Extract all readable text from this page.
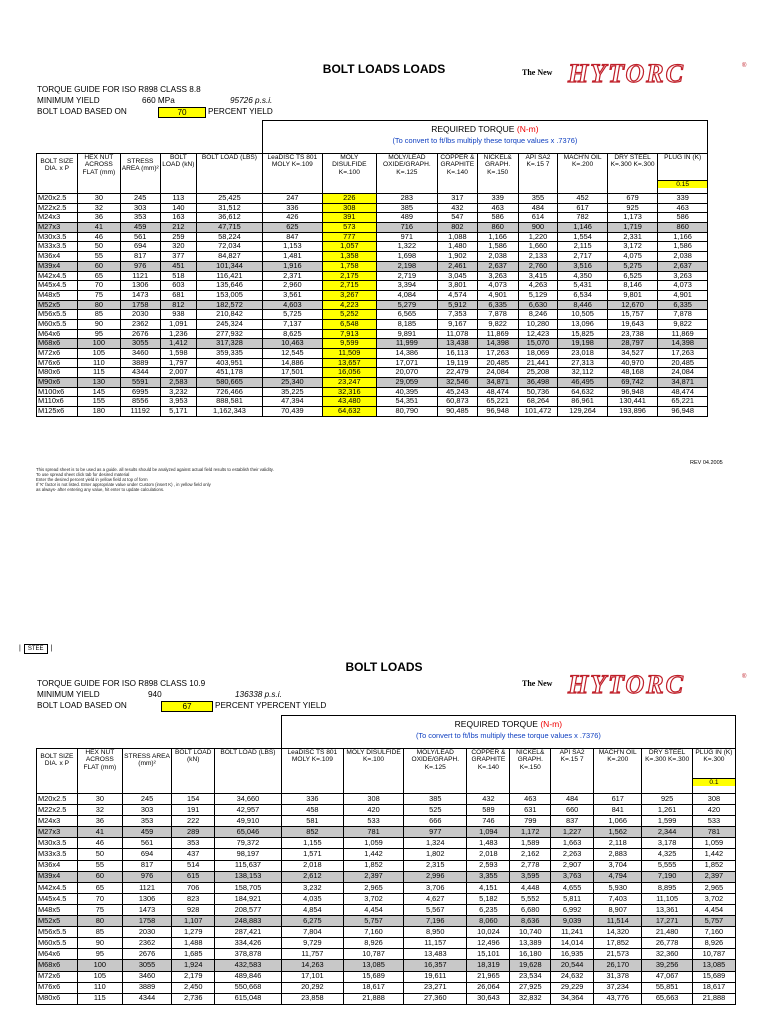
BOLT LOADS LOADS	The New HYTORC	®
TORQUE GUIDE FOR ISO R898 CLASS 8.8
MINIMUM YIELD	660 MPa	95726 p.s.i.
BOLT LOAD BASED ON	70	PERCENT YIELD
					REQUIRED TORQUE (N-m)
(To convert to ft/lbs multiply these torque values x .7376)								
BOLT SIZE DIA. x P	HEX NUT ACROSS FLAT (mm)	STRESS AREA (mm)²	BOLT LOAD (kN)	BOLT LOAD (LBS)	LeaDISC TS 801 MOLY K=.109	MOLY DISULFIDE K=.100	MOLY/LEAD OXIDE/GRAPH. K=.125	COPPER & GRAPHITE K=.140	NICKEL& GRAPH. K=.150	API SA2 K=.15 7	MACH'N OIL K=.200	DRY STEEL K=.300 K=.300	PLUG IN (K)
0.15

M20x2.5	30	245	113	25,425	247	226	283	317	339	355	452	679	339
M22x2.5	32	303	140	31,512	336	308	385	432	463	484	617	925	463
M24x3	36	353	163	36,612	426	391	489	547	586	614	782	1,173	586
M27x3	41	459	212	47,715	625	573	716	802	860	900	1,146	1,719	860
M30x3.5	46	561	259	58,224	847	777	971	1,088	1,166	1,220	1,554	2,331	1,166
M33x3.5	50	694	320	72,034	1,153	1,057	1,322	1,480	1,586	1,660	2,115	3,172	1,586
M36x4	55	817	377	84,827	1,481	1,358	1,698	1,902	2,038	2,133	2,717	4,075	2,038
M39x4	60	976	451	101,344	1,916	1,758	2,198	2,461	2,637	2,760	3,516	5,275	2,637
M42x4.5	65	1121	518	116,421	2,371	2,175	2,719	3,045	3,263	3,415	4,350	6,525	3,263
M45x4.5	70	1306	603	135,646	2,960	2,715	3,394	3,801	4,073	4,263	5,431	8,146	4,073
M48x5	75	1473	681	153,005	3,561	3,267	4,084	4,574	4,901	5,129	6,534	9,801	4,901
M52x5	80	1758	812	182,572	4,603	4,223	5,279	5,912	6,335	6,630	8,446	12,670	6,335
M56x5.5	85	2030	938	210,842	5,725	5,252	6,565	7,353	7,878	8,246	10,505	15,757	7,878
M60x5.5	90	2362	1,091	245,324	7,137	6,548	8,185	9,167	9,822	10,280	13,096	19,643	9,822
M64x6	95	2676	1,236	277,932	8,625	7,913	9,891	11,078	11,869	12,423	15,825	23,738	11,869
M68x6	100	3055	1,412	317,328	10,463	9,599	11,999	13,438	14,398	15,070	19,198	28,797	14,398
M72x6	105	3460	1,598	359,335	12,545	11,509	14,386	16,113	17,263	18,069	23,018	34,527	17,263
M76x6	110	3889	1,797	403,951	14,886	13,657	17,071	19,119	20,485	21,441	27,313	40,970	20,485
M80x6	115	4344	2,007	451,178	17,501	16,056	20,070	22,479	24,084	25,208	32,112	48,168	24,084
M90x6	130	5591	2,583	580,665	25,340	23,247	29,059	32,546	34,871	36,498	46,495	69,742	34,871
M100x6	145	6995	3,232	726,466	35,225	32,316	40,395	45,243	48,474	50,736	64,632	96,948	48,474
M110x6	155	8556	3,953	888,581	47,394	43,480	54,351	60,873	65,221	68,264	86,961	130,441	65,221
M125x6	180	11192	5,171	1,162,343	70,439	64,632	80,790	90,485	96,948	101,472	129,264	193,896	96,948
REV 04.2005
This spread sheet is to be used as a guide. all results should be analyzed against actual field results to establish their validity.
To use spread sheet click tab for desired material
Enter the desired percent yield in yellow field at top of form
If 'K' factor is not listed. Enter appropriate value under Custom (insert K) , in yellow field only
as always- after entering any value, hit enter to update calculations.
| STEE |
BOLT LOADS
The New HYTORC	®
TORQUE GUIDE FOR ISO R898 CLASS 10.9
MINIMUM YIELD	940	136338 p.s.i.
BOLT LOAD BASED ON	67	PERCENT YPERCENT YIELD
					REQUIRED TORQUE (N-m)
(To convert to ft/lbs multiply these torque values x .7376)								
BOLT SIZE DIA. x P	HEX NUT ACROSS FLAT (mm)	STRESS AREA (mm)²	BOLT LOAD (kN)	BOLT LOAD (LBS)	LeaDISC TS 801 MOLY K=.109	MOLY DISULFIDE K=.100	MOLY/LEAD OXIDE/GRAPH. K=.125	COPPER & GRAPHITE K=.140	NICKEL& GRAPH. K=.150	API SA2 K=.15 7	MACH'N OIL K=.200	DRY STEEL K=.300 K=.300	PLUG IN (K) K=.300
0.1

M20x2.5	30	245	154	34,660	336	308	385	432	463	484	617	925	308
M22x2.5	32	303	191	42,957	458	420	525	589	631	660	841	1,261	420
M24x3	36	353	222	49,910	581	533	666	746	799	837	1,066	1,599	533
M27x3	41	459	289	65,046	852	781	977	1,094	1,172	1,227	1,562	2,344	781
M30x3.5	46	561	353	79,372	1,155	1,059	1,324	1,483	1,589	1,663	2,118	3,178	1,059
M33x3.5	50	694	437	98,197	1,571	1,442	1,802	2,018	2,162	2,263	2,883	4,325	1,442
M36x4	55	817	514	115,637	2,018	1,852	2,315	2,593	2,778	2,907	3,704	5,555	1,852
M39x4	60	976	615	138,153	2,612	2,397	2,996	3,355	3,595	3,763	4,794	7,190	2,397
M42x4.5	65	1121	706	158,705	3,232	2,965	3,706	4,151	4,448	4,655	5,930	8,895	2,965
M45x4.5	70	1306	823	184,921	4,035	3,702	4,627	5,182	5,552	5,811	7,403	11,105	3,702
M48x5	75	1473	928	208,577	4,854	4,454	5,567	6,235	6,680	6,992	8,907	13,361	4,454
M52x5	80	1758	1,107	248,883	6,275	5,757	7,196	8,060	8,636	9,039	11,514	17,271	5,757
M56x5.5	85	2030	1,279	287,421	7,804	7,160	8,950	10,024	10,740	11,241	14,320	21,480	7,160
M60x5.5	90	2362	1,488	334,426	9,729	8,926	11,157	12,496	13,389	14,014	17,852	26,778	8,926
M64x6	95	2676	1,685	378,878	11,757	10,787	13,483	15,101	16,180	16,935	21,573	32,360	10,787
M68x6	100	3055	1,924	432,583	14,263	13,085	16,357	18,319	19,628	20,544	26,170	39,256	13,085
M72x6	105	3460	2,179	489,846	17,101	15,689	19,611	21,965	23,534	24,632	31,378	47,067	15,689
M76x6	110	3889	2,450	550,668	20,292	18,617	23,271	26,064	27,925	29,229	37,234	55,851	18,617
M80x6	115	4344	2,736	615,048	23,858	21,888	27,360	30,643	32,832	34,364	43,776	65,663	21,888
